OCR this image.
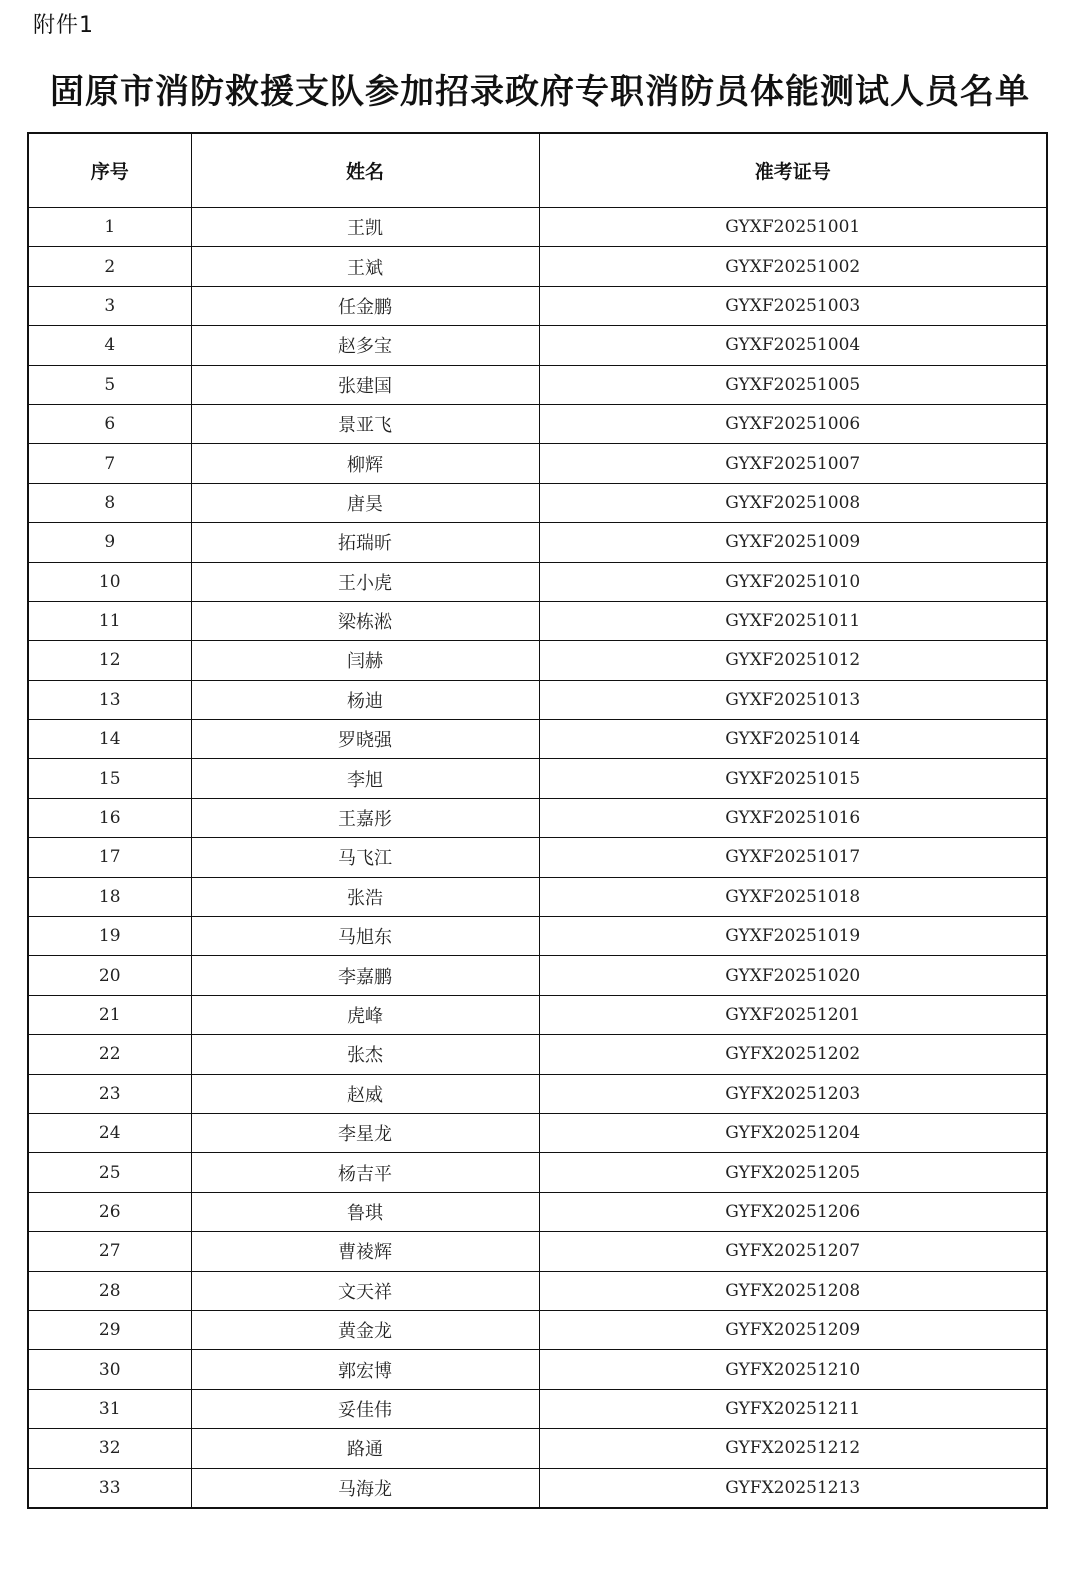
附件1
固原市消防救援支队参加招录政府专职消防员体能测试人员名单
序号	姓名	准考证号
1	王凯	GYXF20251001
2	王斌	GYXF20251002
3	任金鹏	GYXF20251003
4	赵多宝	GYXF20251004
5	张建国	GYXF20251005
6	景亚飞	GYXF20251006
7	柳辉	GYXF20251007
8	唐昊	GYXF20251008
9	拓瑞昕	GYXF20251009
10	王小虎	GYXF20251010
11	梁栋淞	GYXF20251011
12	闫赫	GYXF20251012
13	杨迪	GYXF20251013
14	罗晓强	GYXF20251014
15	李旭	GYXF20251015
16	王嘉彤	GYXF20251016
17	马飞江	GYXF20251017
18	张浩	GYXF20251018
19	马旭东	GYXF20251019
20	李嘉鹏	GYXF20251020
21	虎峰	GYXF20251201
22	张杰	GYFX20251202
23	赵威	GYFX20251203
24	李星龙	GYFX20251204
25	杨吉平	GYFX20251205
26	鲁琪	GYFX20251206
27	曹祾辉	GYFX20251207
28	文天祥	GYFX20251208
29	黄金龙	GYFX20251209
30	郭宏博	GYFX20251210
31	妥佳伟	GYFX20251211
32	路通	GYFX20251212
33	马海龙	GYFX20251213
